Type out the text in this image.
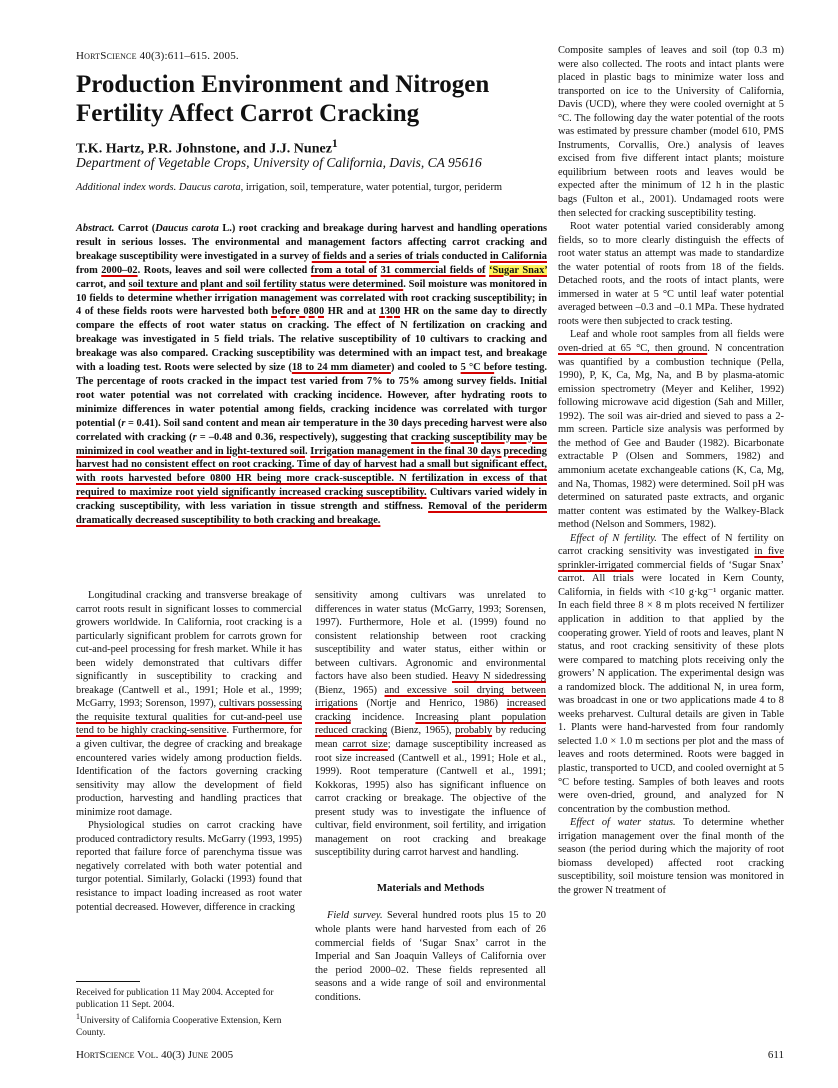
HortScience 40(3):611–615. 2005.
Production Environment and Nitrogen Fertility Affect Carrot Cracking
T.K. Hartz, P.R. Johnstone, and J.J. Nunez$^1$
Department of Vegetable Crops, University of California, Davis, CA 95616
Additional index words. Daucus carota, irrigation, soil, temperature, water potential, turgor, periderm

Abstract. Carrot (Daucus carota L.) root cracking and breakage during harvest and handling operations result in serious losses. The environmental and management factors affecting carrot cracking and breakage susceptibility were investigated in a survey of fields and a series of trials conducted in California from 2000–02. Roots, leaves and soil were collected from a total of 31 commercial fields of ‘Sugar Snax’ carrot, and soil texture and plant and soil fertility status were determined. Soil moisture was monitored in 10 fields to determine whether irrigation management was correlated with root cracking susceptibility; in 4 of these fields roots were harvested both before 0800 HR and at 1300 HR on the same day to directly compare the effects of root water status on cracking. The effect of N fertilization on cracking and breakage was investigated in 5 field trials. The relative susceptibility of 10 cultivars to cracking and breakage was also compared. Cracking susceptibility was determined with an impact test, and breakage with a loading test. Roots were selected by size (18 to 24 mm diameter) and cooled to 5 °C before testing. The percentage of roots cracked in the impact test varied from 7% to 75% among survey fields. Initial root water potential was not correlated with cracking incidence. However, after hydrating roots to minimize differences in water potential among fields, cracking incidence was correlated with turgor potential (r = 0.41). Soil sand content and mean air temperature in the 30 days preceding harvest were also correlated with cracking (r = –0.48 and 0.36, respectively), suggesting that cracking susceptibility may be minimized in cool weather and in light-textured soil. Irrigation management in the final 30 days preceding harvest had no consistent effect on root cracking. Time of day of harvest had a small but significant effect, with roots harvested before 0800 HR being more crack-susceptible. N fertilization in excess of that required to maximize root yield significantly increased cracking susceptibility. Cultivars varied widely in cracking susceptibility, with less variation in tissue strength and stiffness. Removal of the periderm dramatically decreased susceptibility to both cracking and breakage.

Longitudinal cracking and transverse breakage of carrot roots result in significant losses to commercial growers worldwide. In California, root cracking is a particularly significant problem for carrots grown for cut-and-peel processing for fresh market. While it has been widely demonstrated that cultivars differ significantly in susceptibility to cracking and breakage (Cantwell et al., 1991; Hole et al., 1999; McGarry, 1993; Sorenson, 1997), cultivars possessing the requisite textural qualities for cut-and-peel use tend to be highly cracking-sensitive. Furthermore, for a given cultivar, the degree of cracking and breakage encountered varies widely among production fields. Identification of the factors governing cracking sensitivity may allow the development of field production, harvesting and handling practices that minimize root damage.

Physiological studies on carrot cracking have produced contradictory results. McGarry (1993, 1995) reported that failure force of parenchyma tissue was negatively correlated with both water potential and turgor potential. Similarly, Golacki (1993) found that resistance to impact loading increased as root water potential decreased. However, difference in cracking

sensitivity among cultivars was unrelated to differences in water status (McGarry, 1993; Sorensen, 1997). Furthermore, Hole et al. (1999) found no consistent relationship between root cracking susceptibility and water status, either within or between cultivars. Agronomic and environmental factors have also been studied. Heavy N sidedressing (Bienz, 1965) and excessive soil drying between irrigations (Nortje and Henrico, 1986) increased cracking incidence. Increasing plant population reduced cracking (Bienz, 1965), probably by reducing mean carrot size; damage susceptibility increased as root size increased (Cantwell et al., 1991; Hole et al., 1999). Root temperature (Cantwell et al., 1991; Kokkoras, 1995) also has significant influence on carrot cracking or breakage. The objective of the present study was to investigate the influence of cultivar, field environment, soil fertility, and irrigation management on root cracking and breakage susceptibility during carrot harvest and handling.

Materials and Methods

Field survey. Several hundred roots plus 15 to 20 whole plants were hand harvested from each of 26 commercial fields of ‘Sugar Snax’ carrot in the Imperial and San Joaquin Valleys of California over the period 2000–02. These fields represented all seasons and a wide range of soil and environmental conditions.

Composite samples of leaves and soil (top 0.3 m) were also collected. The roots and intact plants were placed in plastic bags to minimize water loss and transported on ice to the University of California, Davis (UCD), where they were cooled overnight at 5 °C. The following day the water potential of the roots was estimated by pressure chamber (model 610, PMS Instruments, Corvallis, Ore.) analysis of leaves excised from five different intact plants; moisture equilibrium between roots and leaves would be expected after the minimum of 12 h in the plastic bags (Fulton et al., 2001). Undamaged roots were then selected for cracking susceptibility testing.

Root water potential varied considerably among fields, so to more clearly distinguish the effects of root water status an attempt was made to standardize the water potential of roots from 18 of the fields. Detached roots, and the roots of intact plants, were immersed in water at 5 °C until leaf water potential averaged between –0.3 and –0.1 MPa. These hydrated roots were then subjected to crack testing.

Leaf and whole root samples from all fields were oven-dried at 65 °C, then ground. N concentration was quantified by a combustion technique (Pella, 1990), P, K, Ca, Mg, Na, and B by plasma-atomic emission spectrometry (Meyer and Keliher, 1992) following microwave acid digestion (Sah and Miller, 1992). The soil was air-dried and sieved to pass a 2-mm screen. Particle size analysis was performed by the method of Gee and Bauder (1982). Bicarbonate extractable P (Olsen and Sommers, 1982) and ammonium acetate exchangeable cations (K, Ca, Mg, and Na, Thomas, 1982) were determined. Soil pH was determined on saturated paste extracts, and organic matter content was estimated by the Walkey-Black method (Nelson and Sommers, 1982).

Effect of N fertility. The effect of N fertility on carrot cracking sensitivity was investigated in five sprinkler-irrigated commercial fields of ‘Sugar Snax’ carrot. All trials were located in Kern County, California, in fields with <10 g·kg⁻¹ organic matter. In each field three 8 × 8 m plots received N fertilizer application in addition to that applied by the cooperating grower. Yield of roots and leaves, plant N status, and root cracking sensitivity of these plots were compared to matching plots receiving only the growers’ N application. The experimental design was a randomized block. The additional N, in urea form, was broadcast in one or two applications made 4 to 8 weeks preharvest. Cultural details are given in Table 1. Plants were hand-harvested from four randomly selected 1.0 × 1.0 m sections per plot and the mass of leaves and roots determined. Roots were bagged in plastic, transported to UCD, and cooled overnight at 5 °C before testing. Samples of both leaves and roots were oven-dried, ground, and analyzed for N concentration by the combustion method.

Effect of water status. To determine whether irrigation management over the final month of the season (the period during which the majority of root biomass developed) affected root cracking susceptibility, soil moisture tension was monitored in the grower N treatment of

Received for publication 11 May 2004. Accepted for publication 11 Sept. 2004.

$^1$University of California Cooperative Extension, Kern County.

HortScience Vol. 40(3) June 2005	611
